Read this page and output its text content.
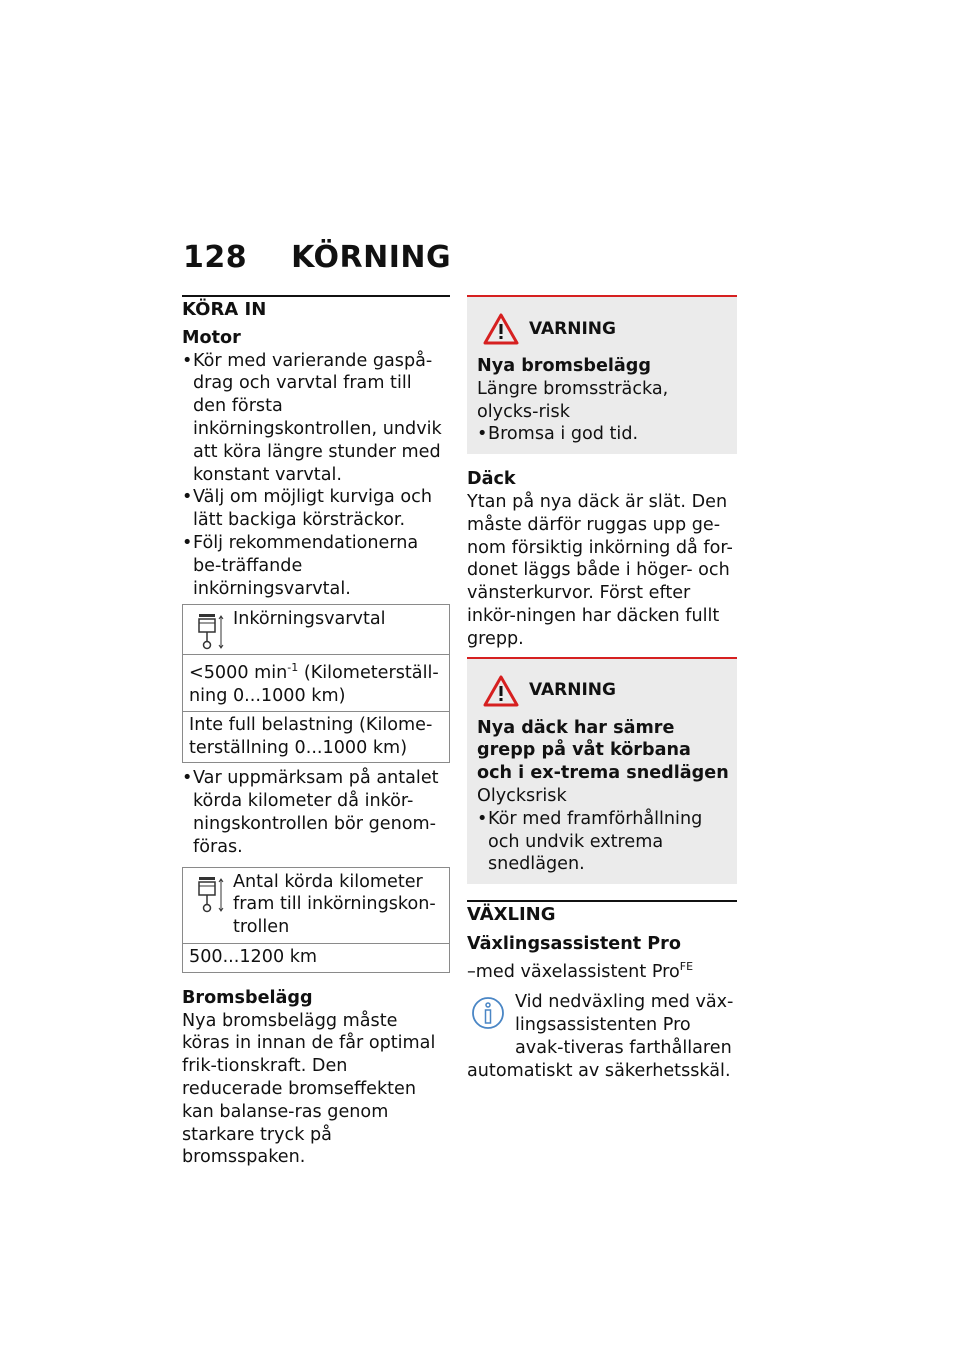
128 KÖRNING
KÖRA IN
Motor
• Kör med varierande gaspå-drag och varvtal fram till den första inkörningskontrollen, undvik att köra längre stunder med konstant varvtal.
• Välj om möjligt kurviga och lätt backiga körsträckor.
• Följ rekommendationerna be-träffande inkörningsvarvtal.
Inkörningsvarvtal
<5000 $\min^{-1}$ (Kilometerställ-ning 0...1000 km)
Inte full belastning (Kilome-terställning 0...1000 km)
• Var uppmärksam på antalet körda kilometer då inkör-ningskontrollen bör genom-föras.
Antal körda kilometer fram till inkörningskon-trollen
500...1200 km
Bromsbelägg

Nya bromsbelägg måste köras in innan de får optimal frik-tionskraft. Den reducerade bromseffekten kan balanse-ras genom starkare tryck på bromsspaken.

VARNING
Nya bromsbelägg

Längre bromssträcka, olycks-risk

• Bromsa i god tid.
Däck

Ytan på nya däck är slät. Den måste därför ruggas upp ge-nom försiktig inkörning då for-donet läggs både i höger- och vänsterkurvor. Först efter inkör-ningen har däcken fullt grepp.

VARNING
Nya däck har sämre grepp på våt körbana och i ex-trema snedlägen

Olycksrisk

• Kör med framförhållning och undvik extrema snedlägen.
VÄXLING
Växlingsassistent Pro

–med växelassistent Pro$^{FE}$

Vid nedväxling med väx-lingsassistenten Pro avak-tiveras farthållaren automatiskt av säkerhetsskäl.
